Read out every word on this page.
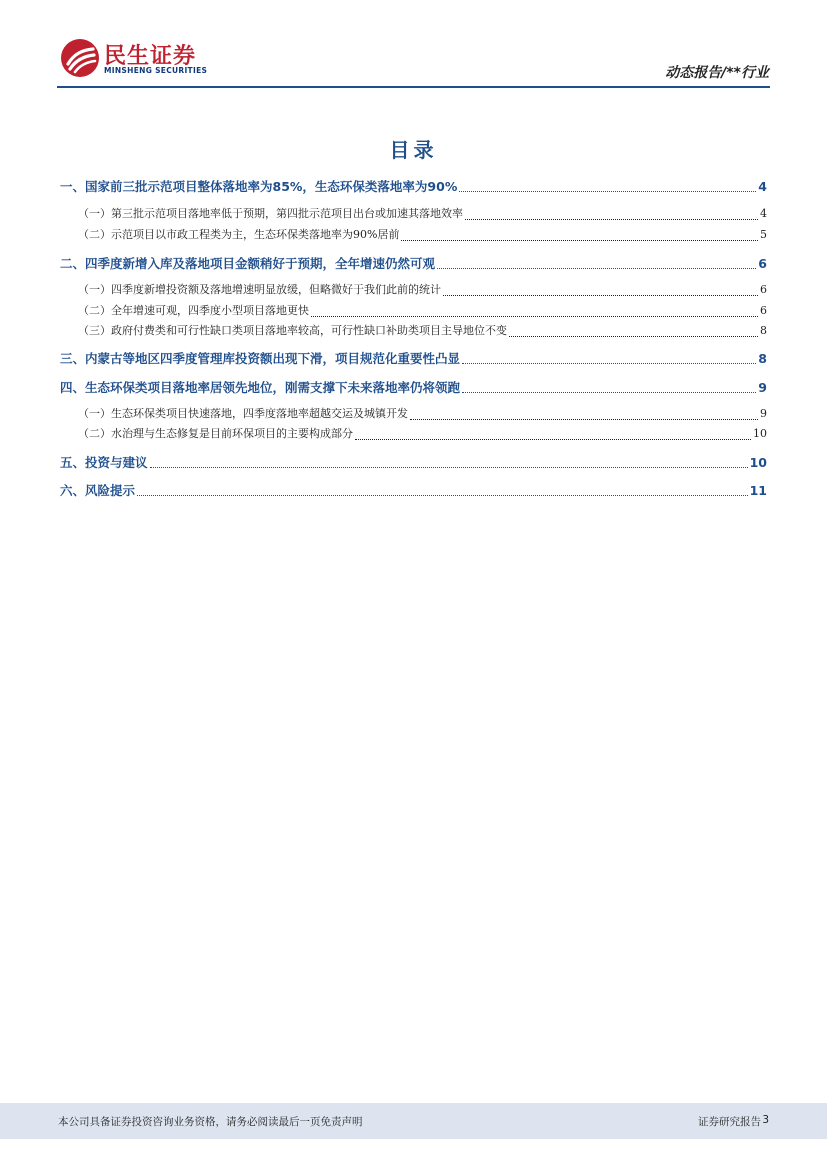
民生证券
MINSHENG SECURITIES	动态报告/**行业
目录
一、国家前三批示范项目整体落地率为85%，生态环保类落地率为90%	4
（一）第三批示范项目落地率低于预期，第四批示范项目出台或加速其落地效率	4
（二）示范项目以市政工程类为主，生态环保类落地率为90%居前	5
二、四季度新增入库及落地项目金额稍好于预期，全年增速仍然可观	6
（一）四季度新增投资额及落地增速明显放缓，但略微好于我们此前的统计	6
（二）全年增速可观，四季度小型项目落地更快	6
（三）政府付费类和可行性缺口类项目落地率较高，可行性缺口补助类项目主导地位不变	8
三、内蒙古等地区四季度管理库投资额出现下滑，项目规范化重要性凸显	8
四、生态环保类项目落地率居领先地位，刚需支撑下未来落地率仍将领跑	9
（一）生态环保类项目快速落地，四季度落地率超越交运及城镇开发	9
（二）水治理与生态修复是目前环保项目的主要构成部分	10
五、投资与建议	10
六、风险提示	11
本公司具备证券投资咨询业务资格，请务必阅读最后一页免责声明	证券研究报告 3
